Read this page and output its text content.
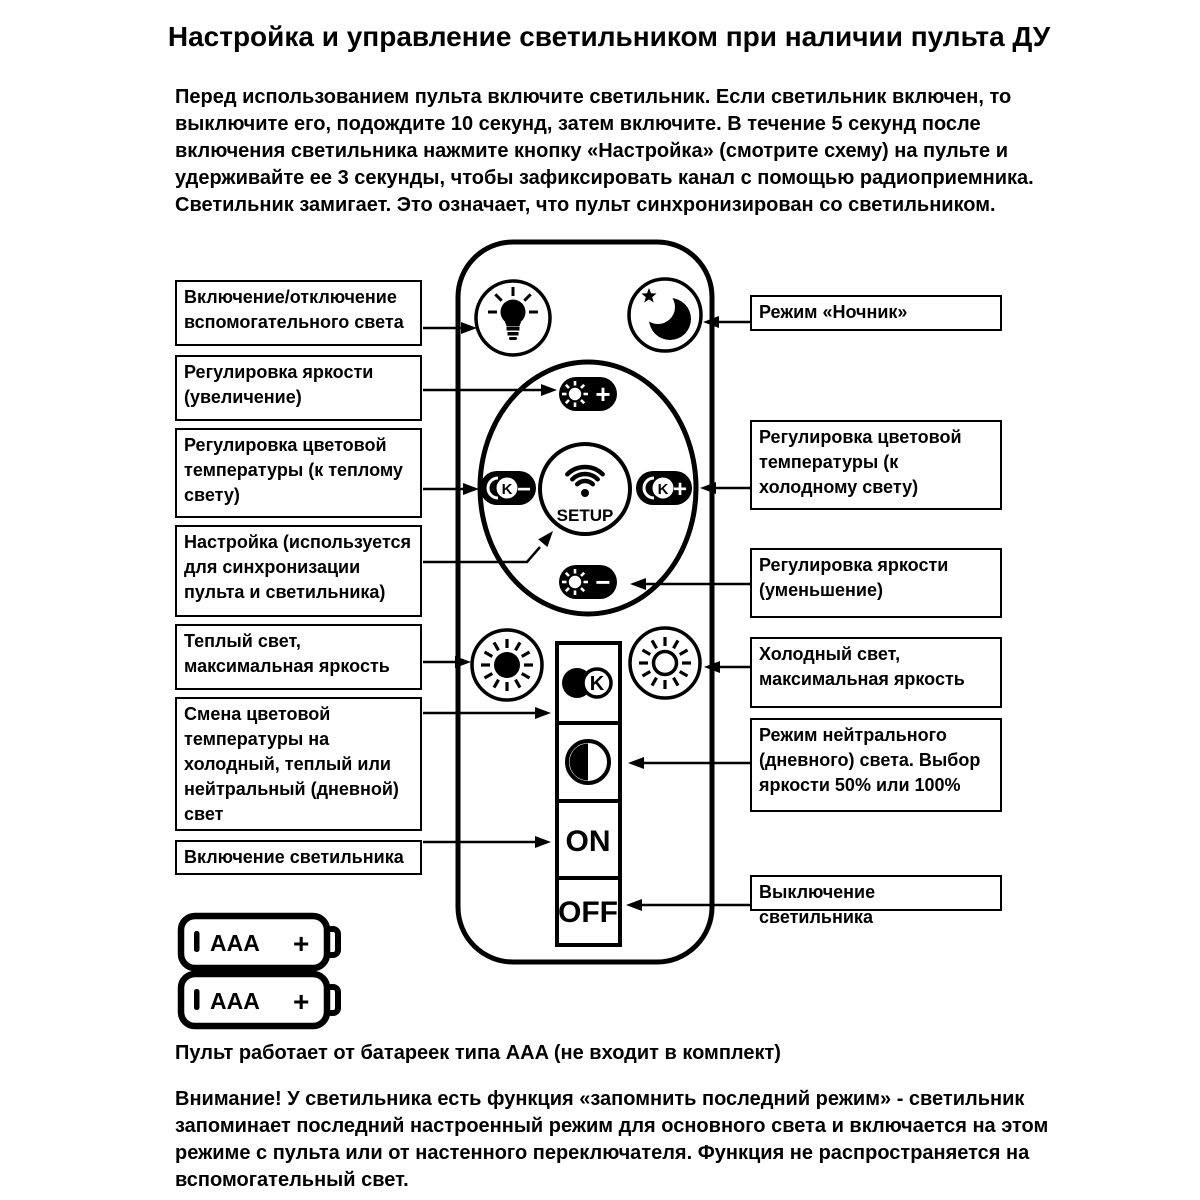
Настройка и управление светильником при наличии пульта ДУ
Перед использованием пульта включите светильник. Если светильник включен, то выключите его, подождите 10 секунд, затем включите. В течение 5 секунд после включения светильника нажмите кнопку «Настройка» (смотрите схему) на пульте и удерживайте ее 3 секунды, чтобы зафиксировать канал с помощью радиоприемника. Светильник замигает. Это означает, что пульт синхронизирован со светильником.
+
−
K −	K +
SETUP
K
ON
OFF
AAA +
AAA +
Включение/отключение вспомогательного света
Регулировка яркости (увеличение)
Регулировка цветовой температуры (к теплому свету)
Настройка (используется для синхронизации пульта и светильника)
Теплый свет, максимальная яркость
Смена цветовой температуры на холодный, теплый или нейтральный (дневной) свет
Включение светильника
Режим «Ночник»
Регулировка цветовой температуры (к холодному свету)
Регулировка яркости (уменьшение)
Холодный свет, максимальная яркость
Режим нейтрального (дневного) света. Выбор яркости 50% или 100%
Выключение светильника
Пульт работает от батареек типа AAA (не входит в комплект)
Внимание! У светильника есть функция «запомнить последний режим» - светильник запоминает последний настроенный режим для основного света и включается на этом режиме с пульта или от настенного переключателя. Функция не распространяется на вспомогательный свет.
